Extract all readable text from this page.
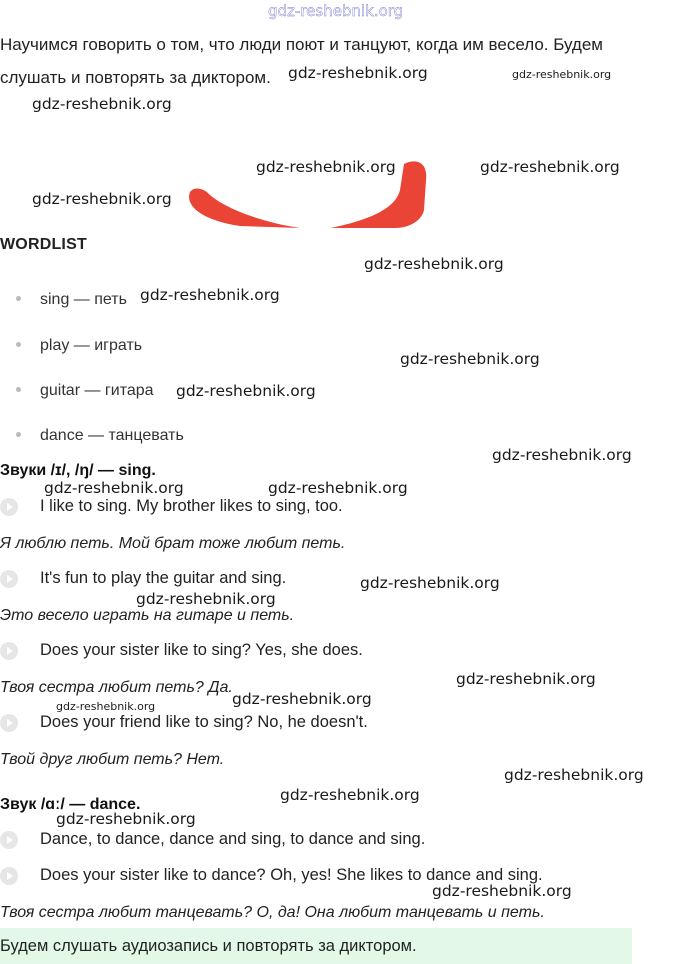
gdz-reshebnik.org
Научимся говорить о том, что люди поют и танцуют, когда им весело. Будем слушать и повторять за диктором.
WORDLIST
sing — петь
play — играть
guitar — гитара
dance — танцевать
Звуки /ɪ/, /ŋ/ — sing.
I like to sing. My brother likes to sing, too.
Я люблю петь. Мой брат тоже любит петь.
It's fun to play the guitar and sing.
Это весело играть на гитаре и петь.
Does your sister like to sing? Yes, she does.
Твоя сестра любит петь? Да.
Does your friend like to sing? No, he doesn't.
Твой друг любит петь? Нет.
Звук /ɑː/ — dance.
Dance, to dance, dance and sing, to dance and sing.
Does your sister like to dance? Oh, yes! She likes to dance and sing.
Твоя сестра любит танцевать? О, да! Она любит танцевать и петь.
Будем слушать аудиозапись и повторять за диктором.
gdz-reshebnik.org	gdz-reshebnik.org
gdz-reshebnik.org
gdz-reshebnik.org	gdz-reshebnik.org
gdz-reshebnik.org
gdz-reshebnik.org
gdz-reshebnik.org
gdz-reshebnik.org
gdz-reshebnik.org
gdz-reshebnik.org
gdz-reshebnik.org	gdz-reshebnik.org
gdz-reshebnik.org
gdz-reshebnik.org
gdz-reshebnik.org
gdz-reshebnik.org
gdz-reshebnik.org
gdz-reshebnik.org
gdz-reshebnik.org
gdz-reshebnik.org
gdz-reshebnik.org
